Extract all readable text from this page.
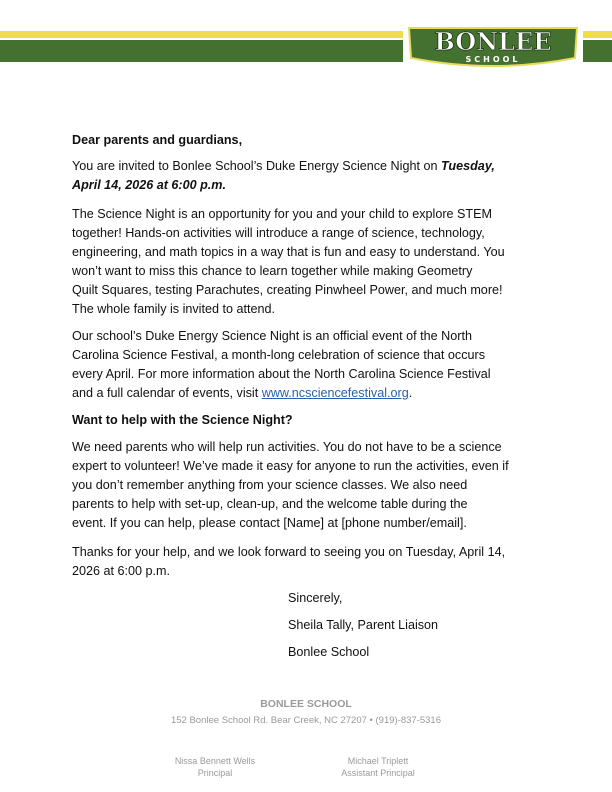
BONLEE
SCHOOL
Dear parents and guardians,
You are invited to Bonlee School’s Duke Energy Science Night on Tuesday,
April 14, 2026 at 6:00 p.m.
The Science Night is an opportunity for you and your child to explore STEM
together! Hands-on activities will introduce a range of science, technology,
engineering, and math topics in a way that is fun and easy to understand. You
won’t want to miss this chance to learn together while making Geometry
Quilt Squares, testing Parachutes, creating Pinwheel Power, and much more!
The whole family is invited to attend.
Our school’s Duke Energy Science Night is an official event of the North
Carolina Science Festival, a month-long celebration of science that occurs
every April. For more information about the North Carolina Science Festival
and a full calendar of events, visit www.ncsciencefestival.org.
Want to help with the Science Night?
We need parents who will help run activities. You do not have to be a science
expert to volunteer! We’ve made it easy for anyone to run the activities, even if
you don’t remember anything from your science classes. We also need
parents to help with set-up, clean-up, and the welcome table during the
event. If you can help, please contact [Name] at [phone number/email].
Thanks for your help, and we look forward to seeing you on Tuesday, April 14,
2026 at 6:00 p.m.
Sincerely,
Sheila Tally, Parent Liaison
Bonlee School
BONLEE SCHOOL
152 Bonlee School Rd. Bear Creek, NC 27207 • (919)-837-5316
Nissa Bennett Wells
Principal
Michael Triplett
Assistant Principal
